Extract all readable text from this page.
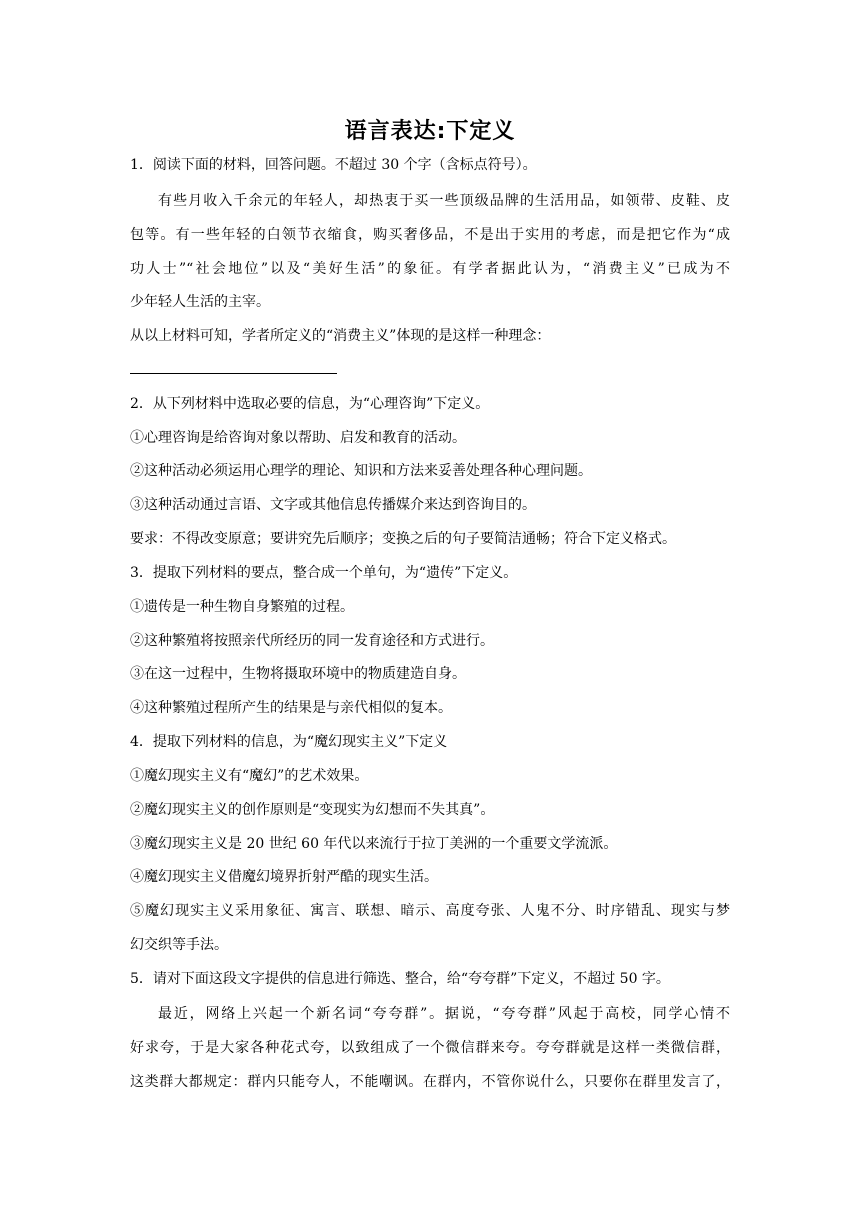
语言表达:下定义
1．阅读下面的材料，回答问题。不超过 30 个字（含标点符号）。
有些月收入千余元的年轻人，却热衷于买一些顶级品牌的生活用品，如领带、皮鞋、皮
包等。有一些年轻的白领节衣缩食，购买奢侈品，不是出于实用的考虑，而是把它作为“成
功人士”“社会地位”以及“美好生活”的象征。有学者据此认为，“消费主义”已成为不
少年轻人生活的主宰。
从以上材料可知，学者所定义的“消费主义”体现的是这样一种理念：
2．从下列材料中选取必要的信息，为“心理咨询”下定义。
①心理咨询是给咨询对象以帮助、启发和教育的活动。
②这种活动必须运用心理学的理论、知识和方法来妥善处理各种心理问题。
③这种活动通过言语、文字或其他信息传播媒介来达到咨询目的。
要求：不得改变原意；要讲究先后顺序；变换之后的句子要简洁通畅；符合下定义格式。
3．提取下列材料的要点，整合成一个单句，为“遗传”下定义。
①遗传是一种生物自身繁殖的过程。
②这种繁殖将按照亲代所经历的同一发育途径和方式进行。
③在这一过程中，生物将摄取环境中的物质建造自身。
④这种繁殖过程所产生的结果是与亲代相似的复本。
4．提取下列材料的信息，为“魔幻现实主义”下定义
①魔幻现实主义有“魔幻”的艺术效果。
②魔幻现实主义的创作原则是“变现实为幻想而不失其真”。
③魔幻现实主义是 20 世纪 60 年代以来流行于拉丁美洲的一个重要文学流派。
④魔幻现实主义借魔幻境界折射严酷的现实生活。
⑤魔幻现实主义采用象征、寓言、联想、暗示、高度夸张、人鬼不分、时序错乱、现实与梦
幻交织等手法。
5．请对下面这段文字提供的信息进行筛选、整合，给“夸夸群”下定义，不超过 50 字。
最近，网络上兴起一个新名词“夸夸群”。据说，“夸夸群”风起于高校，同学心情不
好求夸，于是大家各种花式夸，以致组成了一个微信群来夸。夸夸群就是这样一类微信群，
这类群大都规定：群内只能夸人，不能嘲讽。在群内，不管你说什么，只要你在群里发言了，
